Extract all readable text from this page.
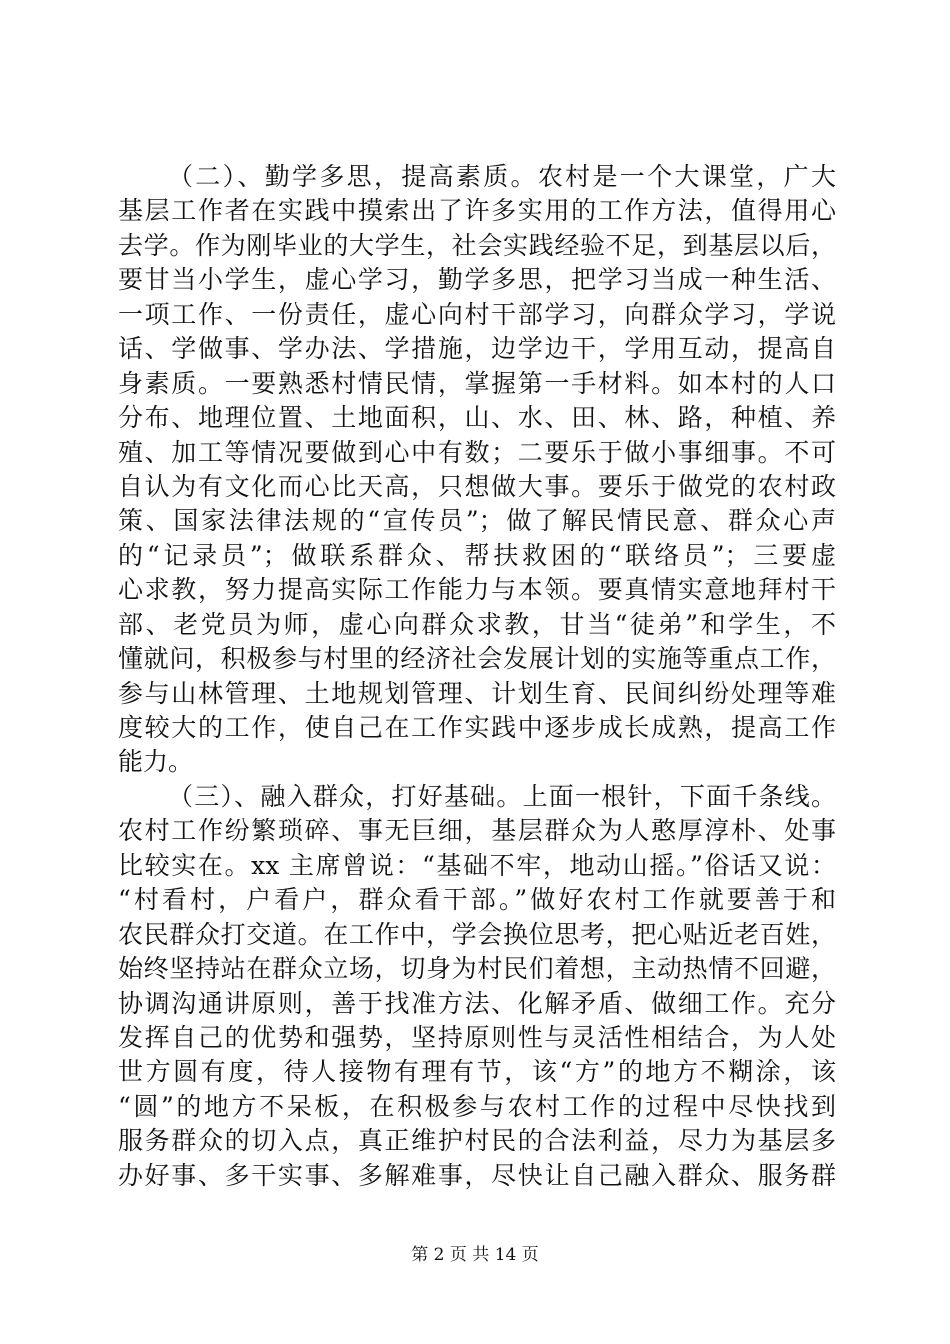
（二）、勤学多思，提高素质。农村是一个大课堂，广大
基层工作者在实践中摸索出了许多实用的工作方法，值得用心
去学。作为刚毕业的大学生，社会实践经验不足，到基层以后，
要甘当小学生，虚心学习，勤学多思，把学习当成一种生活、
一项工作、一份责任，虚心向村干部学习，向群众学习，学说
话、学做事、学办法、学措施，边学边干，学用互动，提高自
身素质。一要熟悉村情民情，掌握第一手材料。如本村的人口
分布、地理位置、土地面积，山、水、田、林、路，种植、养
殖、加工等情况要做到心中有数；二要乐于做小事细事。不可
自认为有文化而心比天高，只想做大事。要乐于做党的农村政
策、国家法律法规的“宣传员”；做了解民情民意、群众心声
的“记录员”；做联系群众、帮扶救困的“联络员”；三要虚
心求教，努力提高实际工作能力与本领。要真情实意地拜村干
部、老党员为师，虚心向群众求教，甘当“徒弟”和学生，不
懂就问，积极参与村里的经济社会发展计划的实施等重点工作，
参与山林管理、土地规划管理、计划生育、民间纠纷处理等难
度较大的工作，使自己在工作实践中逐步成长成熟，提高工作
能力。
（三）、融入群众，打好基础。上面一根针，下面千条线。
农村工作纷繁琐碎、事无巨细，基层群众为人憨厚淳朴、处事
比较实在。xx 主席曾说：“基础不牢，地动山摇。”俗话又说：
“村看村，户看户，群众看干部。”做好农村工作就要善于和
农民群众打交道。在工作中，学会换位思考，把心贴近老百姓，
始终坚持站在群众立场，切身为村民们着想，主动热情不回避，
协调沟通讲原则，善于找准方法、化解矛盾、做细工作。充分
发挥自己的优势和强势，坚持原则性与灵活性相结合，为人处
世方圆有度，待人接物有理有节，该“方”的地方不糊涂，该
“圆”的地方不呆板，在积极参与农村工作的过程中尽快找到
服务群众的切入点，真正维护村民的合法利益，尽力为基层多
办好事、多干实事、多解难事，尽快让自己融入群众、服务群
第 2 页 共 14 页
